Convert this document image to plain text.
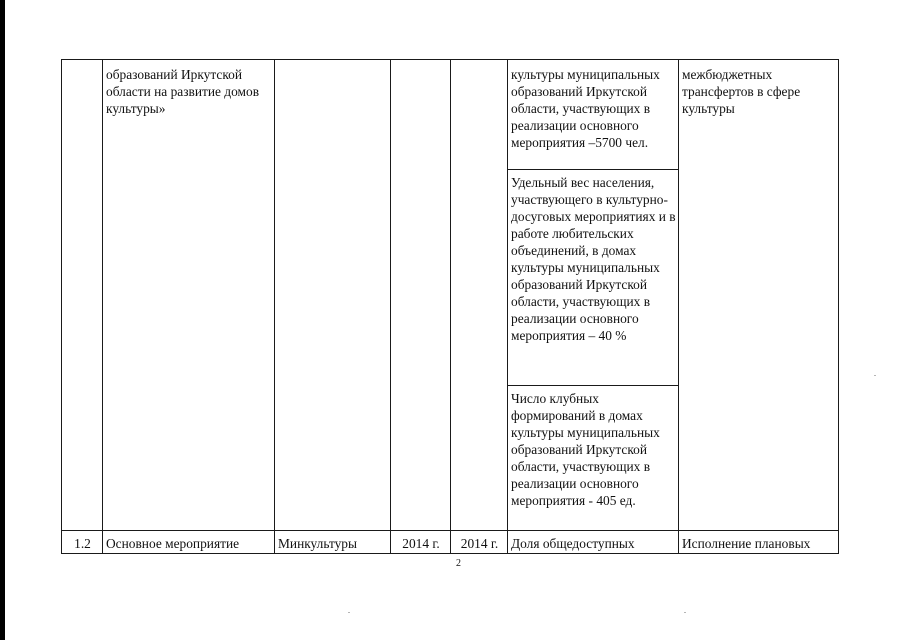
	образований Иркутской области на развитие домов культуры»				культуры муниципальных образований Иркутской области, участвующих в реализации основного мероприятия –5700 чел.	межбюджетных трансфертов в сфере культуры
					Удельный вес населения, участвующего в культурно-досуговых мероприятиях и в работе любительских объединений, в домах культуры муниципальных образований Иркутской области, участвующих в реализации основного мероприятия – 40 %	
					Число клубных формирований в домах культуры муниципальных образований Иркутской области, участвующих в реализации основного мероприятия - 405 ед.	
1.2	Основное мероприятие	Минкультуры	2014 г.	2014 г.	Доля общедоступных	Исполнение плановых
2
